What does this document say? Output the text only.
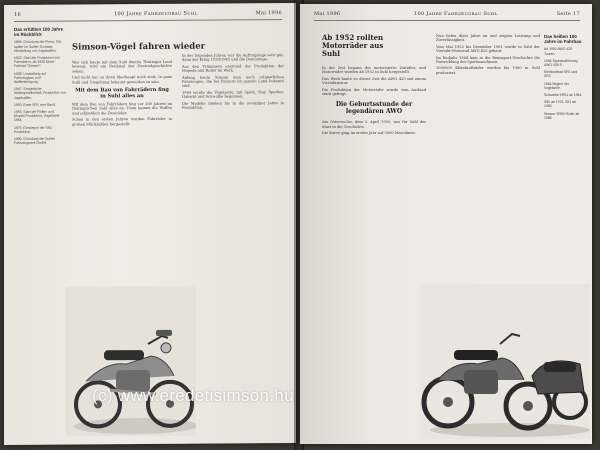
16	100 Jahre Fahrzeugbau Suhl	Mai 1996
Das erfüllten 100 Jahre im Rückblick

1896: Gründung der Firma, Sitz später im Suhler Domstal, Herstellung von Jagdwaffen.

1922: Start der Produktion von Fahrrädern, ab 1930 Motor-Fahrrad "Simson".

1936: Umstellung auf Fahrzeugbau und Waffenfertigung.

1947: Sowjetische Aktiengesellschaft, Produktion von Jagdwaffen.

1950: Erste SR1 vom Band.

1955: Start der Roller- und Moped-Produktion, Vogelserie 1964.

1975: Einstieg in die S50 Produktion.

1990: Gründung der Suhler Fahrzeugwerk GmbH.

Simson-Vögel fahren wieder

Wer sich heute mit dem Suhl durchs Thüringer Land bewegt, wird ein Denkmal der Zweiradgeschichte sehen.

Und nicht nur an ihren überhaupt noch stolz, in ganz Suhl und Umgebung bekannt geworden zu sein.

Mit dem Bau von Fahrrädern fing in Suhl alles an

Mit dem Bau von Fahrrädern fing vor 100 Jahren im thüringischen Suhl alles an. Dann kamen die Waffen und schließlich die Zweiräder.

Schon in den ersten Jahren wurden Fahrräder in großen Stückzahlen hergestellt.

In der folgenden Jahren war die Auftragslage sehr gut, dann der Krieg 1939/1945 und die Demontage.

Aus den Trümmern entstand die Produktion der Mopeds und Roller im Werk.

Anfang heute Simson man noch erinnerlichen Fahrzeugen, die bei Fahrern im ganzen Land bekannt sind.

1964 wurde die Vogelserie, mit Spatz, Star, Sperber, Habicht und Schwalbe begonnen.

Die Modelle blieben bis in die neunziger Jahre in Produktion.

Mai 1996	100 Jahre Fahrzeugbau Suhl	Seite 17
Ab 1952 rollten Motorräder aus Suhl

In der Zeit begann das motorisierte Zeitalter, und Motorräder wurden ab 1952 in Suhl hergestellt.

Das Werk baute zu dieser Zeit die AWO 425 mit einem Viertaktmotor.

Die Produktion der Motorräder wurde vom Ausland stark gefragt.

Die Geburtsstunde der legendären AWO

Am Osterwoche, dem 3. April 1950, war für Suhl der Start in die Geschichte.

Die Kurve ging im ersten Jahr auf 5000 Maschinen.

Nun liefen diese Jahre an und zeigten Leistung und Zuverlässigkeit.

Vom Mai 1952 bis Dezember 1961 wurde in Suhl der Viertakt-Motorrad AWO 425 gebaut.

Im Endjahr 1964 kam in die Rennsport-Geschichte die Entwicklung der Sportmaschinen.

1000000 Kleinkrafträder wurden bis 1980 in Suhl produziert.

Das heißen 100 Jahre im Fahrbau

Ab 1952 AWO 425 Touren.

1956 Sportausführung AWO 425 S.

Kleinkraftrad SR1 und SR2.

1964 Beginn der Vogelserie.

Schwalbe KR51 ab 1964.

S50 ab 1975, S51 ab 1980.

Simson SR50 Roller ab 1986.

(c) www.eredetisimson.hu
